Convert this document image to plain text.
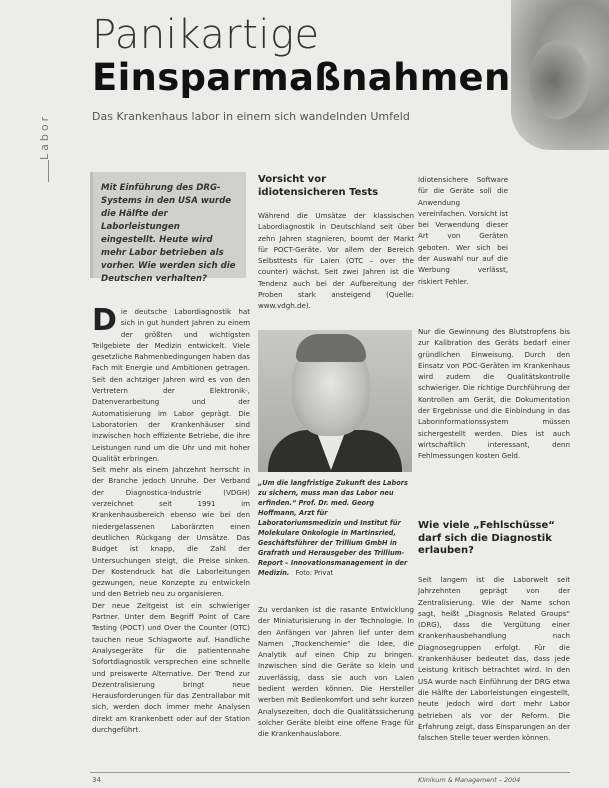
Labor
Panikartige
Einsparmaßnahmen
Das Krankenhaus labor in einem sich wandelnden Umfeld
Mit Einführung des DRG-Systems in den USA wurde die Hälfte der Laborleistungen eingestellt. Heute wird mehr Labor betrieben als vorher. Wie werden sich die Deutschen verhalten?
D ie deutsche Labordiagnostik hat sich in gut hundert Jahren zu einem der größten und wichtigsten Teilgebiete der Medizin entwickelt. Viele gesetzliche Rahmenbedingungen haben das Fach mit Energie und Ambitionen getragen. Seit den achtziger Jahren wird es von den Vertretern der Elektronik-, Datenverarbeitung und der Automatisierung im Labor geprägt. Die Laboratorien der Krankenhäuser sind inzwischen hoch effiziente Betriebe, die ihre Leistungen rund um die Uhr und mit hoher Qualität erbringen.

Seit mehr als einem Jahrzehnt herrscht in der Branche jedoch Unruhe. Der Verband der Diagnostica-Industrie (VDGH) verzeichnet seit 1991 im Krankenhausbereich ebenso wie bei den niedergelassenen Laborärzten einen deutlichen Rückgang der Umsätze. Das Budget ist knapp, die Zahl der Untersuchungen steigt, die Preise sinken. Der Kostendruck hat die Laborleitungen gezwungen, neue Konzepte zu entwickeln und den Betrieb neu zu organisieren.

Der neue Zeitgeist ist ein schwieriger Partner. Unter dem Begriff Point of Care Testing (POCT) und Over the Counter (OTC) tauchen neue Schlagworte auf. Handliche Analysegeräte für die patientennahe Sofortdiagnostik versprechen eine schnelle und preiswerte Alternative. Der Trend zur Dezentralisierung bringt neue Herausforderungen für das Zentrallabor mit sich, werden doch immer mehr Analysen direkt am Krankenbett oder auf der Station durchgeführt.

Vorsicht vor idiotensicheren Tests
Während die Umsätze der klassischen Labordiagnostik in Deutschland seit über zehn Jahren stagnieren, boomt der Markt für POCT-Geräte. Vor allem der Bereich Selbsttests für Laien (OTC – over the counter) wächst. Seit zwei Jahren ist die Tendenz auch bei der Aufbereitung der Proben stark ansteigend (Quelle: www.vdgh.de).
„Um die langfristige Zukunft des Labors zu sichern, muss man das Labor neu erfinden.“ Prof. Dr. med. Georg Hoffmann, Arzt für Laboratoriumsmedizin und Institut für Molekulare Onkologie in Martinsried, Geschäftsführer der Trillium GmbH in Grafrath und Herausgeber des Trillium-Report – Innovationsmanagement in der Medizin. Foto: Privat
Zu verdanken ist die rasante Entwicklung der Miniaturisierung in der Technologie. In den Anfängen vor Jahren lief unter dem Namen „Trockenchemie“ die Idee, die Analytik auf einen Chip zu bringen. Inzwischen sind die Geräte so klein und zuverlässig, dass sie auch von Laien bedient werden können. Die Hersteller werben mit Bedienkomfort und sehr kurzen Analysezeiten, doch die Qualitätssicherung solcher Geräte bleibt eine offene Frage für die Krankenhauslabore.
Idiotensichere Software für die Geräte soll die Anwendung vereinfachen. Vorsicht ist bei Verwendung dieser Art von Geräten geboten. Wer sich bei der Auswahl nur auf die Werbung verlässt, riskiert Fehler.
Nur die Gewinnung des Blutstropfens bis zur Kalibration des Geräts bedarf einer gründlichen Einweisung. Durch den Einsatz von POC-Geräten im Krankenhaus wird zudem die Qualitätskontrolle schwieriger. Die richtige Durchführung der Kontrollen am Gerät, die Dokumentation der Ergebnisse und die Einbindung in das Laborinformationssystem müssen sichergestellt werden. Dies ist auch wirtschaftlich interessant, denn Fehlmessungen kosten Geld.
Wie viele „Fehlschüsse“ darf sich die Diagnostik erlauben?
Seit langem ist die Laborwelt seit Jahrzehnten geprägt von der Zentralisierung. Wie der Name schon sagt, heißt „Diagnosis Related Groups“ (DRG), dass die Vergütung einer Krankenhausbehandlung nach Diagnosegruppen erfolgt. Für die Krankenhäuser bedeutet das, dass jede Leistung kritisch betrachtet wird. In den USA wurde nach Einführung der DRG etwa die Hälfte der Laborleistungen eingestellt, heute jedoch wird dort mehr Labor betrieben als vor der Reform. Die Erfahrung zeigt, dass Einsparungen an der falschen Stelle teuer werden können.
34	Klinikum & Management – 2004
